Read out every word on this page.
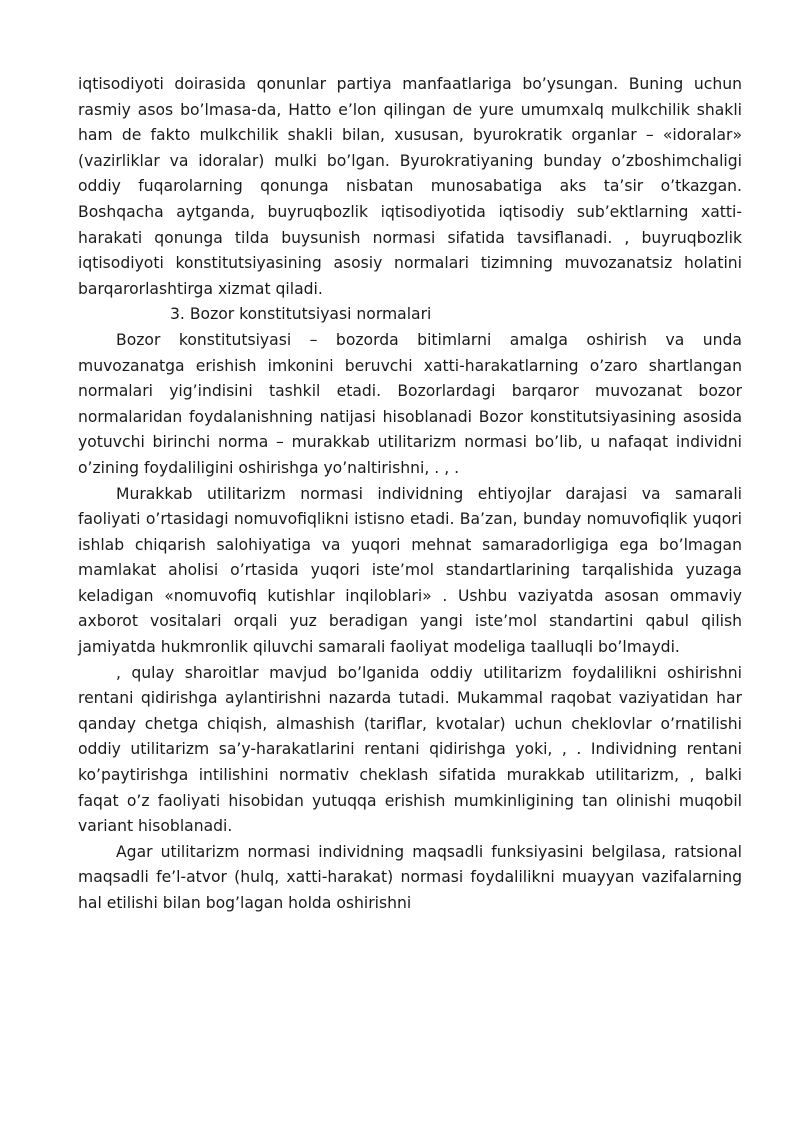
iqtisodiyoti doirasida qonunlar partiya manfaatlariga bo’ysungan. Buning uchun rasmiy asos bo’lmasa-da, Hatto e’lon qilingan de yure umumxalq mulkchilik shakli ham de fakto mulkchilik shakli bilan, xususan, byurokratik organlar – «idoralar» (vazirliklar va idoralar) mulki bo’lgan. Byurokratiyaning bunday o’zboshimchaligi oddiy fuqarolarning qonunga nisbatan munosabatiga aks ta’sir o’tkazgan. Boshqacha aytganda, buyruqbozlik iqtisodiyotida iqtisodiy sub’ektlarning xatti-harakati qonunga tilda buysunish normasi sifatida tavsiflanadi. , buyruqbozlik iqtisodiyoti konstitutsiyasining asosiy normalari tizimning muvozanatsiz holatini barqarorlashtirga xizmat qiladi.

3. Bozor konstitutsiyasi normalari

Bozor konstitutsiyasi – bozorda bitimlarni amalga oshirish va unda muvozanatga erishish imkonini beruvchi xatti-harakatlarning o’zaro shartlangan normalari yig’indisini tashkil etadi. Bozorlardagi barqaror muvozanat bozor normalaridan foydalanishning natijasi hisoblanadi Bozor konstitutsiyasining asosida yotuvchi birinchi norma – murakkab utilitarizm normasi bo’lib, u nafaqat individni o’zining foydaliligini oshirishga yo’naltirishni, . , .

Murakkab utilitarizm normasi individning ehtiyojlar darajasi va samarali faoliyati o’rtasidagi nomuvofiqlikni istisno etadi. Ba’zan, bunday nomuvofiqlik yuqori ishlab chiqarish salohiyatiga va yuqori mehnat samaradorligiga ega bo’lmagan mamlakat aholisi o’rtasida yuqori iste’mol standartlarining tarqalishida yuzaga keladigan «nomuvofiq kutishlar inqiloblari» . Ushbu vaziyatda asosan ommaviy axborot vositalari orqali yuz beradigan yangi iste’mol standartini qabul qilish jamiyatda hukmronlik qiluvchi samarali faoliyat modeliga taalluqli bo’lmaydi.

, qulay sharoitlar mavjud bo’lganida oddiy utilitarizm foydalilikni oshirishni rentani qidirishga aylantirishni nazarda tutadi. Mukammal raqobat vaziyatidan har qanday chetga chiqish, almashish (tariflar, kvotalar) uchun cheklovlar o’rnatilishi oddiy utilitarizm sa’y-harakatlarini rentani qidirishga yoki, , . Individning rentani ko’paytirishga intilishini normativ cheklash sifatida murakkab utilitarizm, , balki faqat o’z faoliyati hisobidan yutuqqa erishish mumkinligining tan olinishi muqobil variant hisoblanadi.

Agar utilitarizm normasi individning maqsadli funksiyasini belgilasa, ratsional maqsadli fe’l-atvor (hulq, xatti-harakat) normasi foydalilikni muayyan vazifalarning hal etilishi bilan bog’lagan holda oshirishni
